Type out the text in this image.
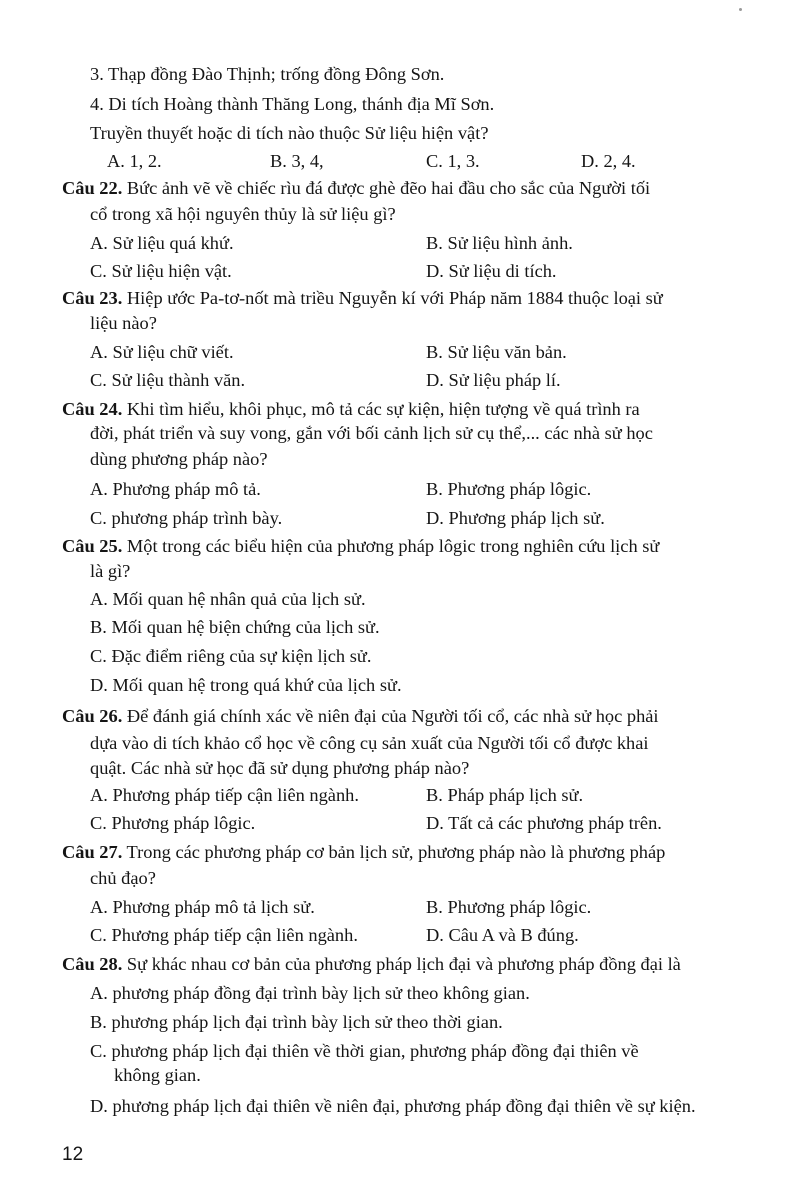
3. Thạp đồng Đào Thịnh; trống đồng Đông Sơn.
4. Di tích Hoàng thành Thăng Long, thánh địa Mĩ Sơn.
Truyền thuyết hoặc di tích nào thuộc Sử liệu hiện vật?
A. 1, 2.	B. 3, 4,	C. 1, 3.	D. 2, 4.
Câu 22. Bức ảnh vẽ về chiếc rìu đá được ghè đẽo hai đầu cho sắc của Người tối
cổ trong xã hội nguyên thủy là sử liệu gì?
A. Sử liệu quá khứ.	B. Sử liệu hình ảnh.
C. Sử liệu hiện vật.	D. Sử liệu di tích.
Câu 23. Hiệp ước Pa-tơ-nốt mà triều Nguyễn kí với Pháp năm 1884 thuộc loại sử
liệu nào?
A. Sử liệu chữ viết.	B. Sử liệu văn bản.
C. Sử liệu thành văn.	D. Sử liệu pháp lí.
Câu 24. Khi tìm hiểu, khôi phục, mô tả các sự kiện, hiện tượng về quá trình ra
đời, phát triển và suy vong, gắn với bối cảnh lịch sử cụ thể,... các nhà sử học
dùng phương pháp nào?
A. Phương pháp mô tả.	B. Phương pháp lôgic.
C. phương pháp trình bày.	D. Phương pháp lịch sử.
Câu 25. Một trong các biểu hiện của phương pháp lôgic trong nghiên cứu lịch sử
là gì?
A. Mối quan hệ nhân quả của lịch sử.
B. Mối quan hệ biện chứng của lịch sử.
C. Đặc điểm riêng của sự kiện lịch sử.
D. Mối quan hệ trong quá khứ của lịch sử.
Câu 26. Để đánh giá chính xác về niên đại của Người tối cổ, các nhà sử học phải
dựa vào di tích khảo cổ học về công cụ sản xuất của Người tối cổ được khai
quật. Các nhà sử học đã sử dụng phương pháp nào?
A. Phương pháp tiếp cận liên ngành.	B. Pháp pháp lịch sử.
C. Phương pháp lôgic.	D. Tất cả các phương pháp trên.
Câu 27. Trong các phương pháp cơ bản lịch sử, phương pháp nào là phương pháp
chủ đạo?
A. Phương pháp mô tả lịch sử.	B. Phương pháp lôgic.
C. Phương pháp tiếp cận liên ngành.	D. Câu A và B đúng.
Câu 28. Sự khác nhau cơ bản của phương pháp lịch đại và phương pháp đồng đại là
A. phương pháp đồng đại trình bày lịch sử theo không gian.
B. phương pháp lịch đại trình bày lịch sử theo thời gian.
C. phương pháp lịch đại thiên về thời gian, phương pháp đồng đại thiên về
không gian.
D. phương pháp lịch đại thiên về niên đại, phương pháp đồng đại thiên về sự kiện.
12
